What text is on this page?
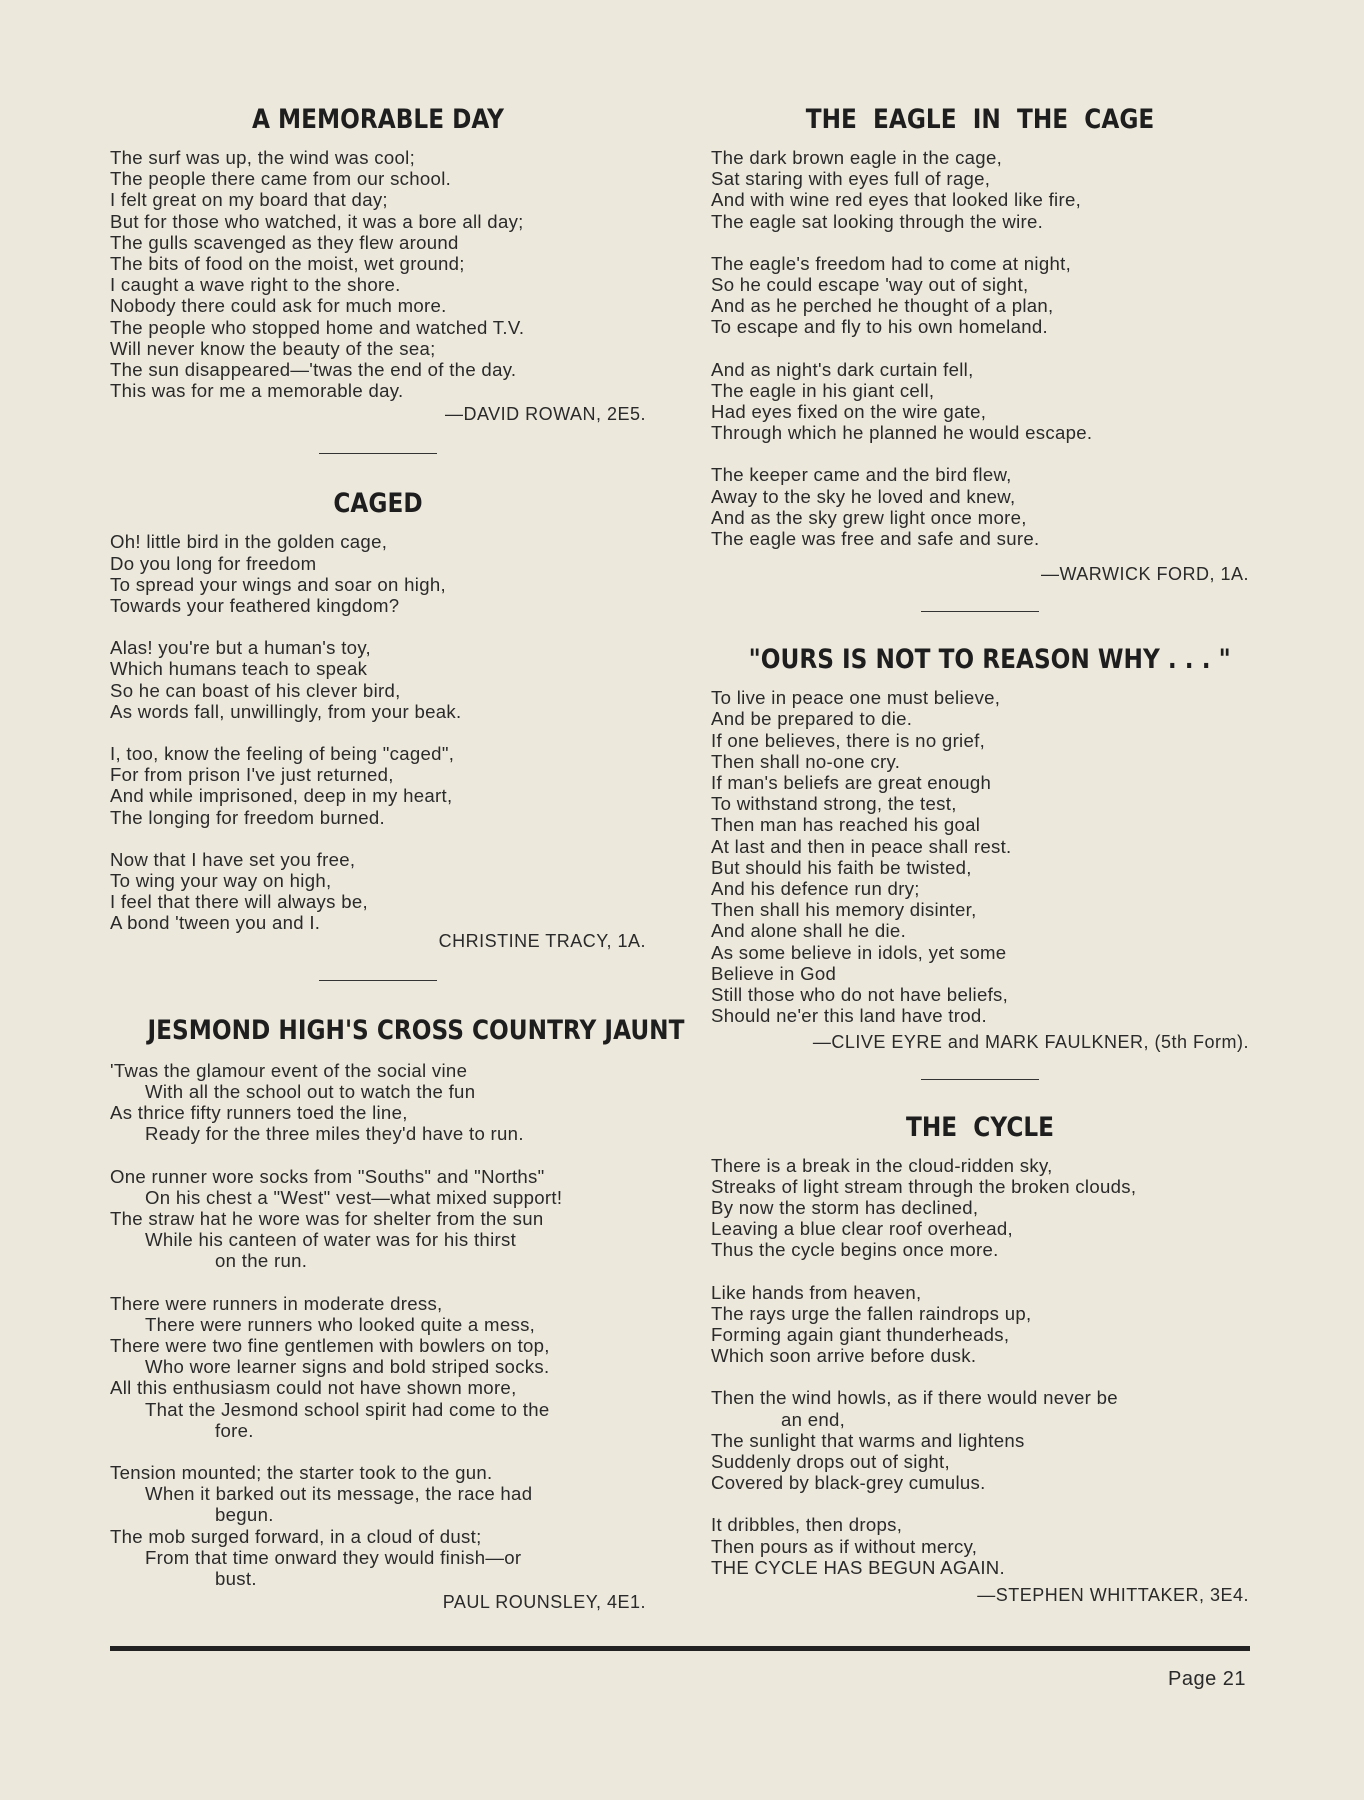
A MEMORABLE DAY
The surf was up, the wind was cool;
The people there came from our school.
I felt great on my board that day;
But for those who watched, it was a bore all day;
The gulls scavenged as they flew around
The bits of food on the moist, wet ground;
I caught a wave right to the shore.
Nobody there could ask for much more.
The people who stopped home and watched T.V.
Will never know the beauty of the sea;
The sun disappeared—'twas the end of the day.
This was for me a memorable day.
—DAVID ROWAN, 2E5.
CAGED
Oh! little bird in the golden cage,
Do you long for freedom
To spread your wings and soar on high,
Towards your feathered kingdom?
Alas! you're but a human's toy,
Which humans teach to speak
So he can boast of his clever bird,
As words fall, unwillingly, from your beak.
I, too, know the feeling of being "caged",
For from prison I've just returned,
And while imprisoned, deep in my heart,
The longing for freedom burned.
Now that I have set you free,
To wing your way on high,
I feel that there will always be,
A bond 'tween you and I.
CHRISTINE TRACY, 1A.
JESMOND HIGH'S CROSS COUNTRY JAUNT
'Twas the glamour event of the social vine
With all the school out to watch the fun
As thrice fifty runners toed the line,
Ready for the three miles they'd have to run.
One runner wore socks from "Souths" and "Norths"
On his chest a "West" vest—what mixed support!
The straw hat he wore was for shelter from the sun
While his canteen of water was for his thirst
on the run.
There were runners in moderate dress,
There were runners who looked quite a mess,
There were two fine gentlemen with bowlers on top,
Who wore learner signs and bold striped socks.
All this enthusiasm could not have shown more,
That the Jesmond school spirit had come to the
fore.
Tension mounted; the starter took to the gun.
When it barked out its message, the race had
begun.
The mob surged forward, in a cloud of dust;
From that time onward they would finish—or
bust.
PAUL ROUNSLEY, 4E1.
THE  EAGLE  IN  THE  CAGE
The dark brown eagle in the cage,
Sat staring with eyes full of rage,
And with wine red eyes that looked like fire,
The eagle sat looking through the wire.
The eagle's freedom had to come at night,
So he could escape 'way out of sight,
And as he perched he thought of a plan,
To escape and fly to his own homeland.
And as night's dark curtain fell,
The eagle in his giant cell,
Had eyes fixed on the wire gate,
Through which he planned he would escape.
The keeper came and the bird flew,
Away to the sky he loved and knew,
And as the sky grew light once more,
The eagle was free and safe and sure.
—WARWICK FORD, 1A.
"OURS IS NOT TO REASON WHY . . . "
To live in peace one must believe,
And be prepared to die.
If one believes, there is no grief,
Then shall no-one cry.
If man's beliefs are great enough
To withstand strong, the test,
Then man has reached his goal
At last and then in peace shall rest.
But should his faith be twisted,
And his defence run dry;
Then shall his memory disinter,
And alone shall he die.
As some believe in idols, yet some
Believe in God
Still those who do not have beliefs,
Should ne'er this land have trod.
—CLIVE EYRE and MARK FAULKNER, (5th Form).
THE  CYCLE
There is a break in the cloud-ridden sky,
Streaks of light stream through the broken clouds,
By now the storm has declined,
Leaving a blue clear roof overhead,
Thus the cycle begins once more.
Like hands from heaven,
The rays urge the fallen raindrops up,
Forming again giant thunderheads,
Which soon arrive before dusk.
Then the wind howls, as if there would never be
an end,
The sunlight that warms and lightens
Suddenly drops out of sight,
Covered by black-grey cumulus.
It dribbles, then drops,
Then pours as if without mercy,
THE CYCLE HAS BEGUN AGAIN.
—STEPHEN WHITTAKER, 3E4.
Page 21
